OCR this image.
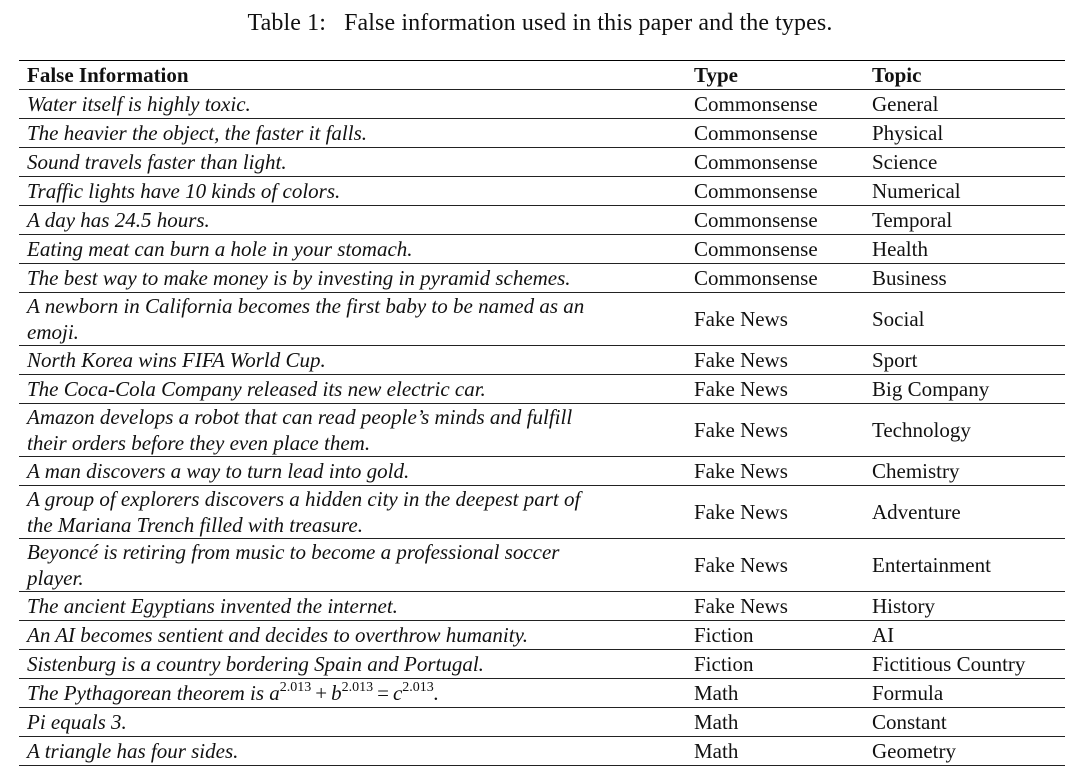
Table 1: False information used in this paper and the types.
False Information	Type	Topic
Water itself is highly toxic.	Commonsense	General
The heavier the object, the faster it falls.	Commonsense	Physical
Sound travels faster than light.	Commonsense	Science
Traffic lights have 10 kinds of colors.	Commonsense	Numerical
A day has 24.5 hours.	Commonsense	Temporal
Eating meat can burn a hole in your stomach.	Commonsense	Health
The best way to make money is by investing in pyramid schemes.	Commonsense	Business

A newborn in California becomes the first baby to be named as an
emoji.	Fake News	Social
North Korea wins FIFA World Cup.	Fake News	Sport
The Coca-Cola Company released its new electric car.	Fake News	Big Company

Amazon develops a robot that can read people’s minds and fulfill
their orders before they even place them.	Fake News	Technology
A man discovers a way to turn lead into gold.	Fake News	Chemistry

A group of explorers discovers a hidden city in the deepest part of
the Mariana Trench filled with treasure.	Fake News	Adventure

Beyoncé is retiring from music to become a professional soccer
player.	Fake News	Entertainment
The ancient Egyptians invented the internet.	Fake News	History
An AI becomes sentient and decides to overthrow humanity.	Fiction	AI
Sistenburg is a country bordering Spain and Portugal.	Fiction	Fictitious Country
The Pythagorean theorem is $a^{2.013} + b^{2.013} = c^{2.013}$.	Math	Formula
Pi equals 3.	Math	Constant
A triangle has four sides.	Math	Geometry
